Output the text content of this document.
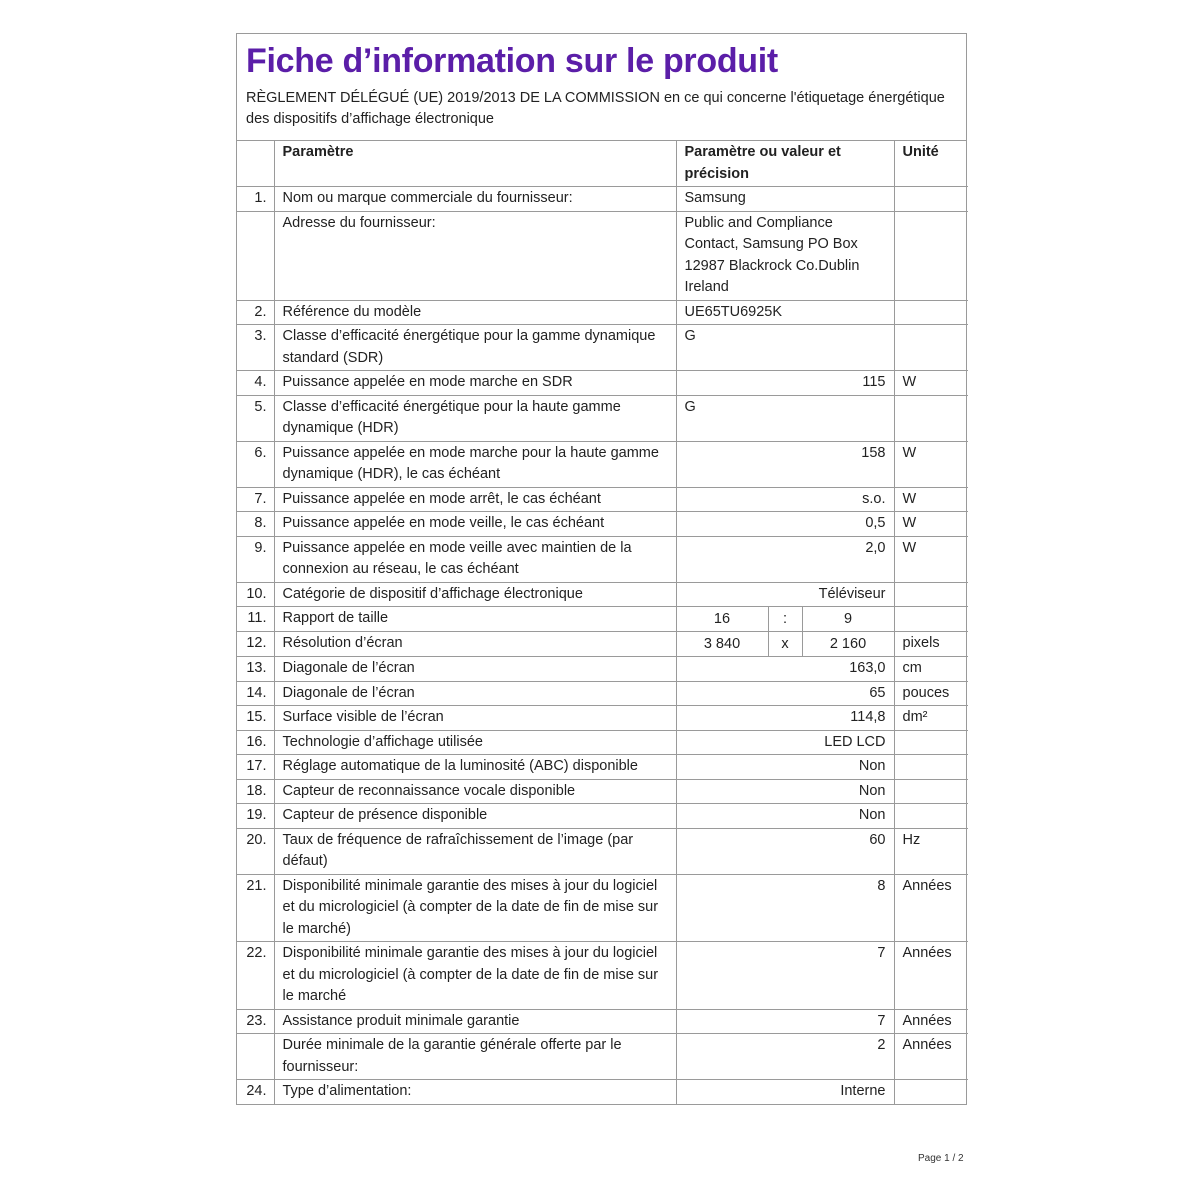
Fiche d’information sur le produit
RÈGLEMENT DÉLÉGUÉ (UE) 2019/2013 DE LA COMMISSION en ce qui concerne l'étiquetage énergétique des dispositifs d’affichage électronique
	Paramètre	Paramètre ou valeur et précision	Unité
1.	Nom ou marque commerciale du fournisseur:	Samsung	
	Adresse du fournisseur:	Public and Compliance Contact, Samsung PO Box 12987 Blackrock Co.Dublin Ireland	
2.	Référence du modèle	UE65TU6925K	
3.	Classe d’efficacité énergétique pour la gamme dynamique standard (SDR)	G	
4.	Puissance appelée en mode marche en SDR	115	W
5.	Classe d’efficacité énergétique pour la haute gamme dynamique (HDR)	G	
6.	Puissance appelée en mode marche pour la haute gamme dynamique (HDR), le cas échéant	158	W
7.	Puissance appelée en mode arrêt, le cas échéant	s.o.	W
8.	Puissance appelée en mode veille, le cas échéant	0,5	W
9.	Puissance appelée en mode veille avec maintien de la connexion au réseau, le cas échéant	2,0	W
10.	Catégorie de dispositif d’affichage électronique	Téléviseur	
11.	Rapport de taille	16 : 9	

12.	Résolution d’écran	3 840 x 2 160	pixels
13.	Diagonale de l’écran	163,0	cm
14.	Diagonale de l’écran	65	pouces
15.	Surface visible de l’écran	114,8	dm²
16.	Technologie d’affichage utilisée	LED LCD	
17.	Réglage automatique de la luminosité (ABC) disponible	Non	
18.	Capteur de reconnaissance vocale disponible	Non	
19.	Capteur de présence disponible	Non	
20.	Taux de fréquence de rafraîchissement de l’image (par défaut)	60	Hz
21.	Disponibilité minimale garantie des mises à jour du logiciel et du micrologiciel (à compter de la date de fin de mise sur le marché)	8	Années
22.	Disponibilité minimale garantie des mises à jour du logiciel et du micrologiciel (à compter de la date de fin de mise sur le marché	7	Années
23.	Assistance produit minimale garantie	7	Années
	Durée minimale de la garantie générale offerte par le fournisseur:	2	Années
24.	Type d’alimentation:	Interne	
Page 1 / 2
